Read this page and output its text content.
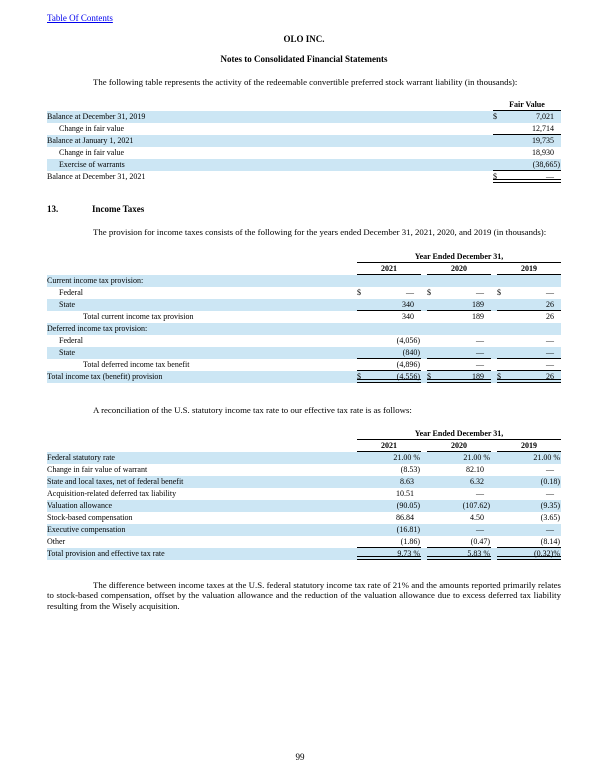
Table Of Contents
OLO INC.
Notes to Consolidated Financial Statements

The following table represents the activity of the redeemable convertible preferred stock warrant liability (in thousands):

Fair Value
Balance at December 31, 2019	$	7,021
Change in fair value	12,714
Balance at January 1, 2021	19,735
Change in fair value	18,930
Exercise of warrants	(38,665)
Balance at December 31, 2021	$	—
13.	Income Taxes

The provision for income taxes consists of the following for the years ended December 31, 2021, 2020, and 2019 (in thousands):

Year Ended December 31,
2021	2020	2019
Current income tax provision:
Federal	$	—	$	—	$	—
State	340	189	26
Total current income tax provision	340	189	26
Deferred income tax provision:
Federal	(4,056)	—	—
State	(840)	—	—
Total deferred income tax benefit	(4,896)	—	—
Total income tax (benefit) provision	$	(4,556) $	189	$	26

A reconciliation of the U.S. statutory income tax rate to our effective tax rate is as follows:

Year Ended December 31,
2021	2020	2019
Federal statutory rate	21.00 %	21.00 %	21.00 %
Change in fair value of warrant	(8.53)	82.10	—
State and local taxes, net of federal benefit	8.63	6.32	(0.18)
Acquisition-related deferred tax liability	10.51	—	—
Valuation allowance	(90.05)	(107.62)	(9.35)
Stock-based compensation	86.84	4.50	(3.65)
Executive compensation	(16.81)	—	—
Other	(1.86)	(0.47)	(8.14)
Total provision and effective tax rate	9.73 %	5.83 %	(0.32)%

The difference between income taxes at the U.S. federal statutory income tax rate of 21% and the amounts reported primarily relates to stock-based compensation, offset by the valuation allowance and the reduction of the valuation allowance due to excess deferred tax liability resulting from the Wisely acquisition.

99
